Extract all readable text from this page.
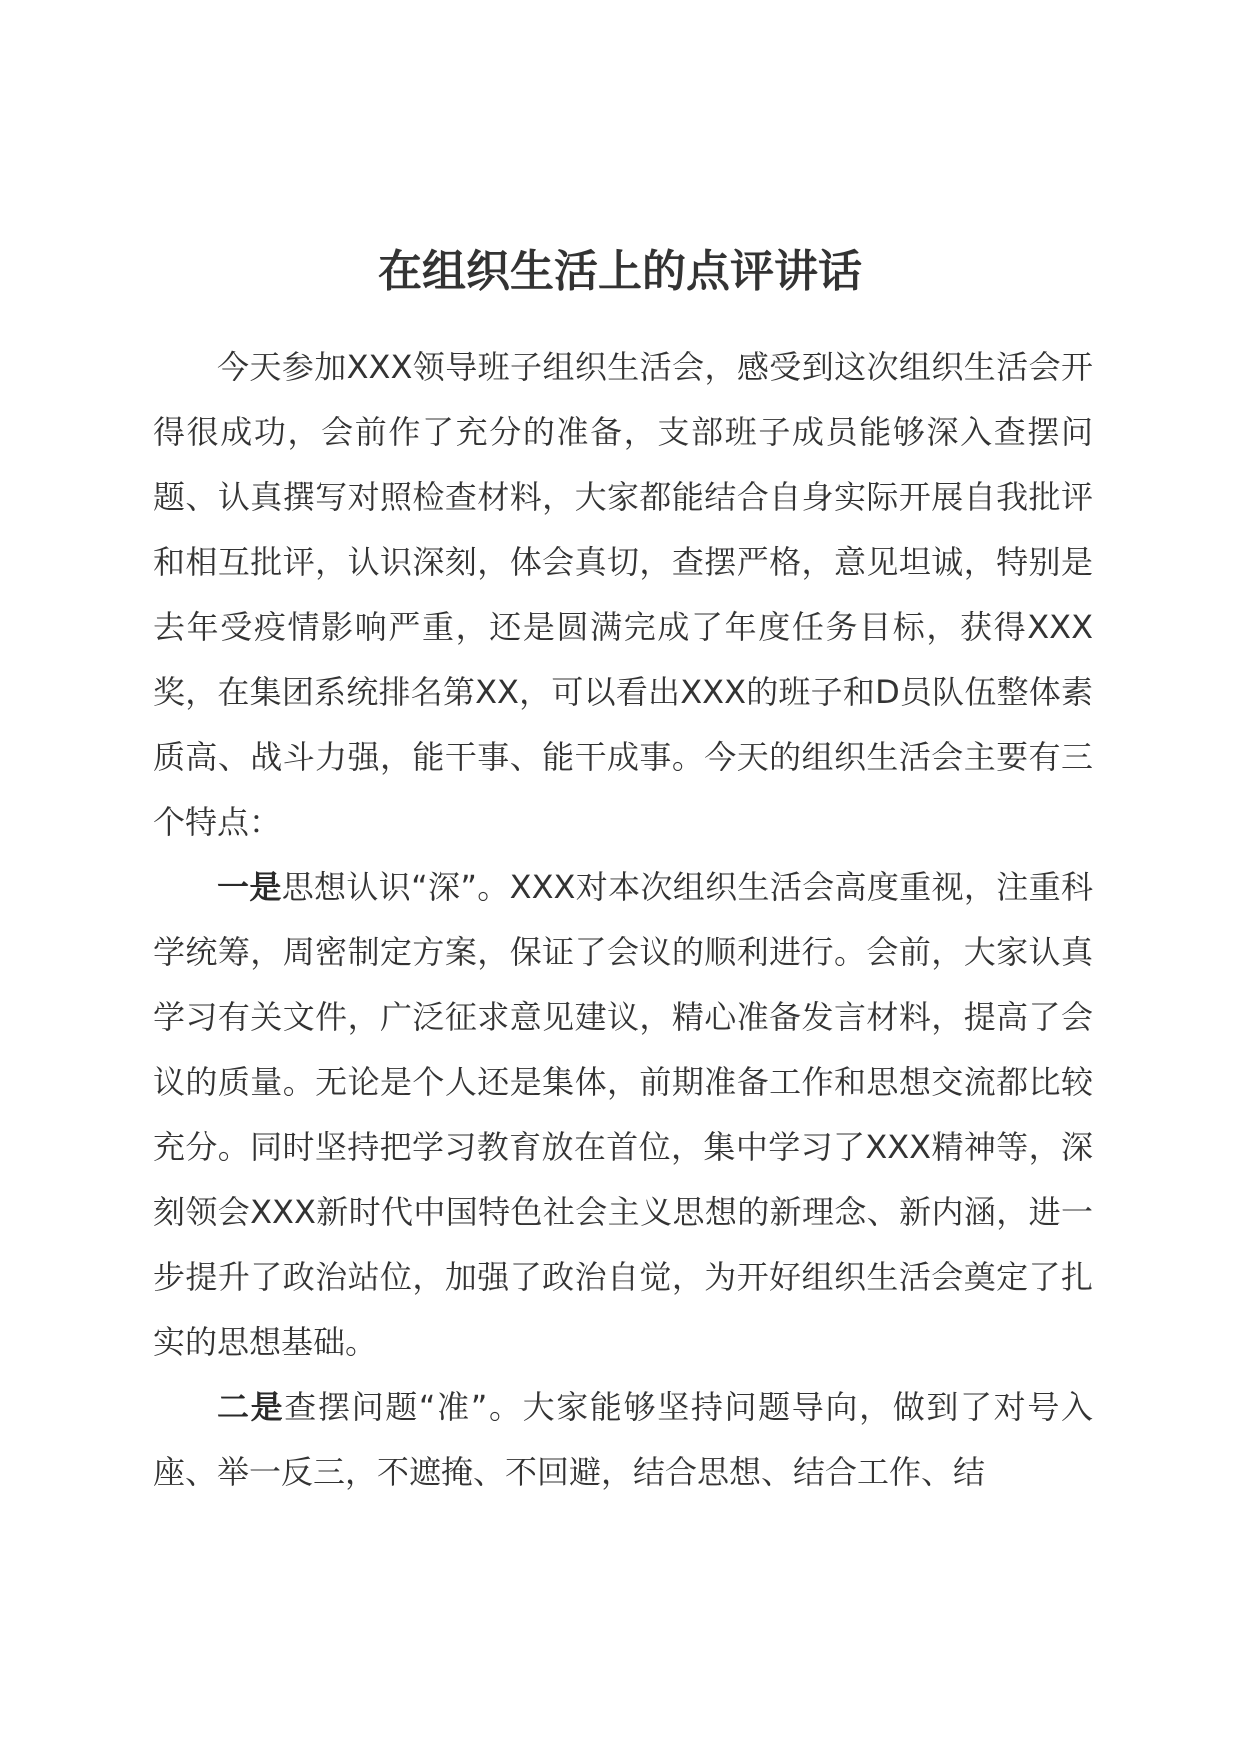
在组织生活上的点评讲话

今天参加XXX领导班子组织生活会，感受到这次组织生活会开得很成功，会前作了充分的准备，支部班子成员能够深入查摆问题、认真撰写对照检查材料，大家都能结合自身实际开展自我批评和相互批评，认识深刻，体会真切，查摆严格，意见坦诚，特别是去年受疫情影响严重，还是圆满完成了年度任务目标，获得XXX奖，在集团系统排名第XX，可以看出XXX的班子和D员队伍整体素质高、战斗力强，能干事、能干成事。今天的组织生活会主要有三个特点：

一是思想认识“深”。XXX对本次组织生活会高度重视，注重科学统筹，周密制定方案，保证了会议的顺利进行。会前，大家认真学习有关文件，广泛征求意见建议，精心准备发言材料，提高了会议的质量。无论是个人还是集体，前期准备工作和思想交流都比较充分。同时坚持把学习教育放在首位，集中学习了XXX精神等，深刻领会XXX新时代中国特色社会主义思想的新理念、新内涵，进一步提升了政治站位，加强了政治自觉，为开好组织生活会奠定了扎实的思想基础。

二是查摆问题“准”。大家能够坚持问题导向，做到了对号入座、举一反三，不遮掩、不回避，结合思想、结合工作、结
